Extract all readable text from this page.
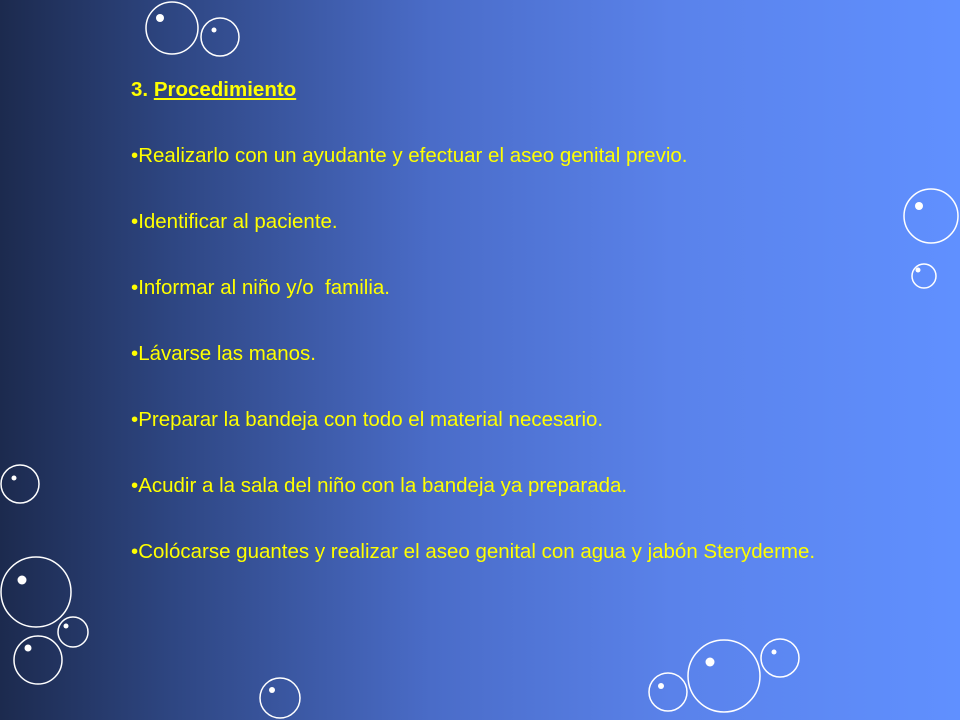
3. Procedimiento
•Realizarlo con un ayudante y efectuar el aseo genital previo.
•Identificar al paciente.
•Informar al niño y/o  familia.
•Lávarse las manos.
•Preparar la bandeja con todo el material necesario.
•Acudir a la sala del niño con la bandeja ya preparada.
•Colócarse guantes y realizar el aseo genital con agua y jabón Steryderme.
